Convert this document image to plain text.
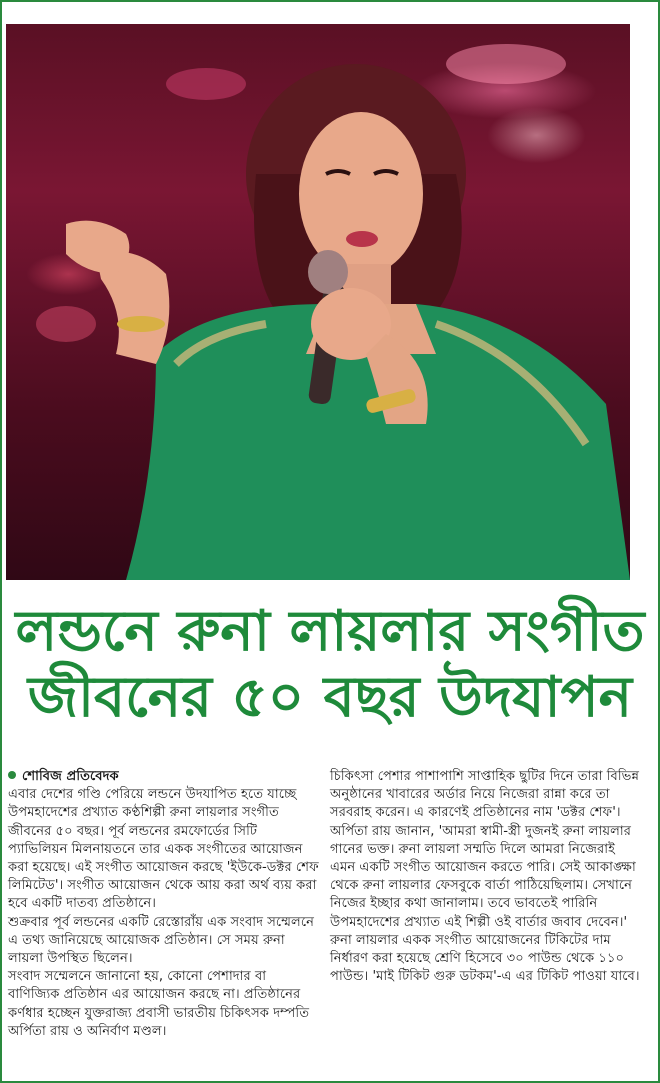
লন্ডনে রুনা লায়লার সংগীত
জীবনের ৫০ বছর উদযাপন

শোবিজ প্রতিবেদক

এবার দেশের গণ্ডি পেরিয়ে লন্ডনে উদযাপিত হতে যাচ্ছে উপমহাদেশের প্রখ্যাত কণ্ঠশিল্পী রুনা লায়লার সংগীত জীবনের ৫০ বছর। পূর্ব লন্ডনের রমফোর্ডের সিটি প্যাভিলিয়ন মিলনায়তনে তার একক সংগীতের আয়োজন করা হয়েছে। এই সংগীত আয়োজন করছে 'ইউকে-ডক্টর শেফ লিমিটেড'। সংগীত আয়োজন থেকে আয় করা অর্থ ব্যয় করা হবে একটি দাতব্য প্রতিষ্ঠানে।

শুক্রবার পূর্ব লন্ডনের একটি রেস্তোরাঁয় এক সংবাদ সম্মেলনে এ তথ্য জানিয়েছে আয়োজক প্রতিষ্ঠান। সে সময় রুনা লায়লা উপস্থিত ছিলেন।

সংবাদ সম্মেলনে জানানো হয়, কোনো পেশাদার বা বাণিজ্যিক প্রতিষ্ঠান এর আয়োজন করছে না। প্রতিষ্ঠানের কর্ণধার হচ্ছেন যুক্তরাজ্য প্রবাসী ভারতীয় চিকিৎসক দম্পতি অর্পিতা রায় ও অনির্বাণ মণ্ডল।

চিকিৎসা পেশার পাশাপাশি সাপ্তাহিক ছুটির দিনে তারা বিভিন্ন অনুষ্ঠানের খাবারের অর্ডার নিয়ে নিজেরা রান্না করে তা সরবরাহ করেন। এ কারণেই প্রতিষ্ঠানের নাম 'ডক্টর শেফ'।

অর্পিতা রায় জানান, 'আমরা স্বামী-স্ত্রী দুজনই রুনা লায়লার গানের ভক্ত। রুনা লায়লা সম্মতি দিলে আমরা নিজেরাই এমন একটি সংগীত আয়োজন করতে পারি। সেই আকাঙ্ক্ষা থেকে রুনা লায়লার ফেসবুকে বার্তা পাঠিয়েছিলাম। সেখানে নিজের ইচ্ছার কথা জানালাম। তবে ভাবতেই পারিনি উপমহাদেশের প্রখ্যাত এই শিল্পী ওই বার্তার জবাব দেবেন।'

রুনা লায়লার একক সংগীত আয়োজনের টিকিটের দাম নির্ধারণ করা হয়েছে শ্রেণি হিসেবে ৩০ পাউন্ড থেকে ১১০ পাউন্ড। 'মাই টিকিট গুরু ডটকম'-এ এর টিকিট পাওয়া যাবে।
